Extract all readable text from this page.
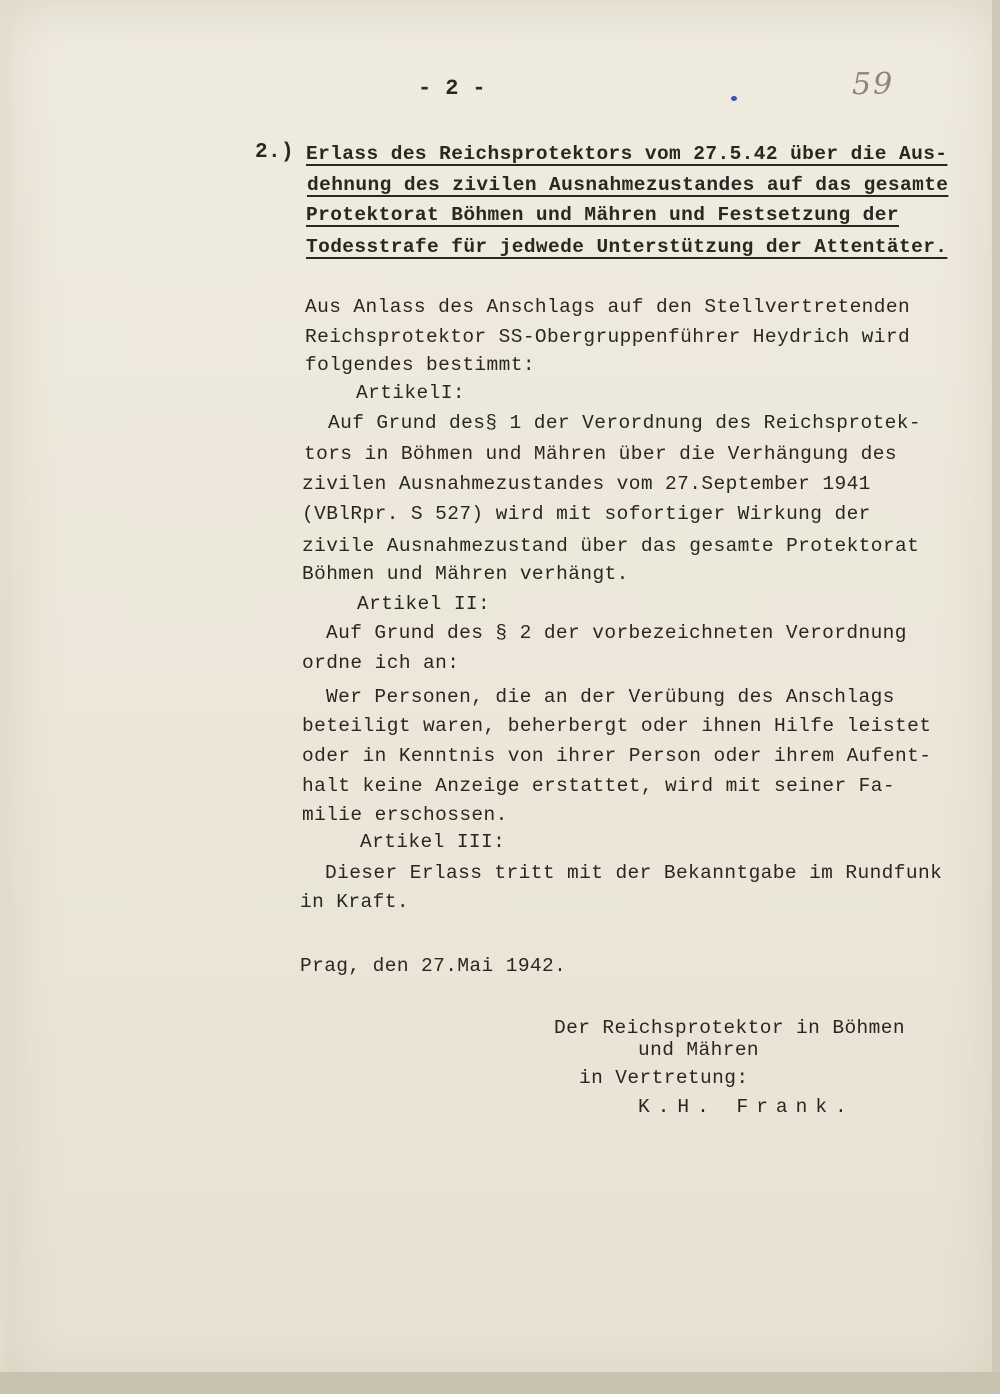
- 2 -	59
2.) Erlass des Reichsprotektors vom 27.5.42 über die Aus-
dehnung des zivilen Ausnahmezustandes auf das gesamte
Protektorat Böhmen und Mähren und Festsetzung der
Todesstrafe für jedwede Unterstützung der Attentäter.
Aus Anlass des Anschlags auf den Stellvertretenden
Reichsprotektor SS-Obergruppenführer Heydrich wird
folgendes bestimmt:
ArtikelI:
Auf Grund des§ 1 der Verordnung des Reichsprotek-
tors in Böhmen und Mähren über die Verhängung des
zivilen Ausnahmezustandes vom 27.September 1941
(VBlRpr. S 527) wird mit sofortiger Wirkung der
zivile Ausnahmezustand über das gesamte Protektorat
Böhmen und Mähren verhängt.
Artikel II:
Auf Grund des § 2 der vorbezeichneten Verordnung
ordne ich an:
Wer Personen, die an der Verübung des Anschlags
beteiligt waren, beherbergt oder ihnen Hilfe leistet
oder in Kenntnis von ihrer Person oder ihrem Aufent-
halt keine Anzeige erstattet, wird mit seiner Fa-
milie erschossen.
Artikel III:
Dieser Erlass tritt mit der Bekanntgabe im Rundfunk
in Kraft.
Prag, den 27.Mai 1942.
Der Reichsprotektor in Böhmen
und Mähren
in Vertretung:
K.H. Frank.
